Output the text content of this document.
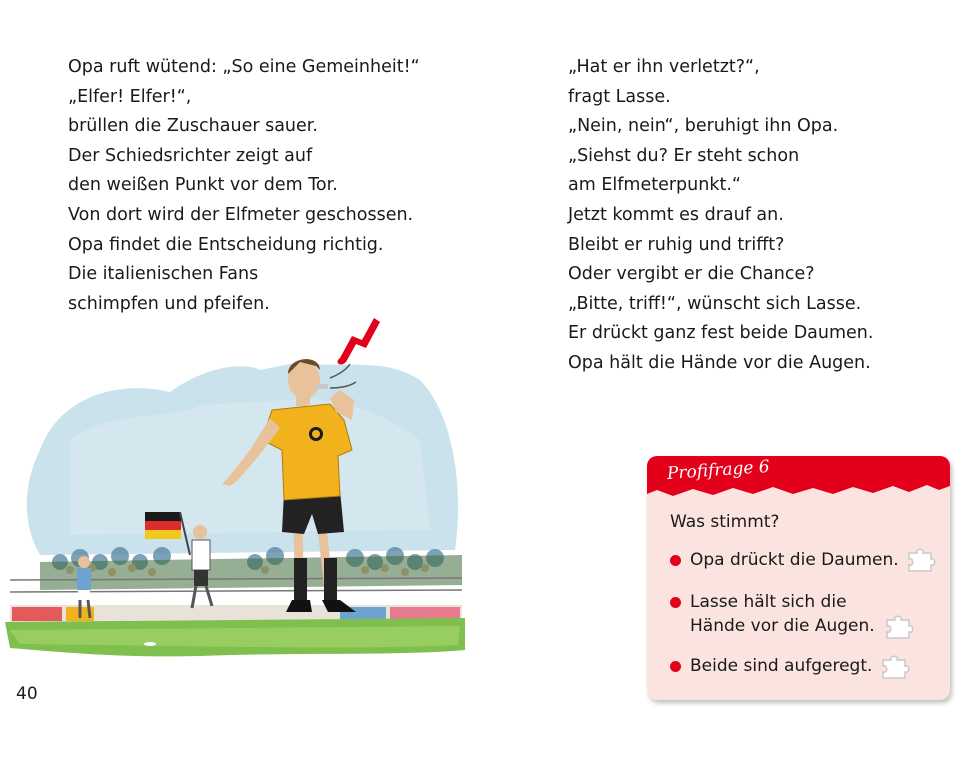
Opa ruft wütend: „So eine Gemeinheit!“
„Elfer! Elfer!“,
brüllen die Zuschauer sauer.
Der Schiedsrichter zeigt auf
den weißen Punkt vor dem Tor.
Von dort wird der Elfmeter geschossen.
Opa findet die Entscheidung richtig.
Die italienischen Fans
schimpfen und pfeifen.
„Hat er ihn verletzt?“,
fragt Lasse.
„Nein, nein“, beruhigt ihn Opa.
„Siehst du? Er steht schon
am Elfmeterpunkt.“
Jetzt kommt es drauf an.
Bleibt er ruhig und trifft?
Oder vergibt er die Chance?
„Bitte, triff!“, wünscht sich Lasse.
Er drückt ganz fest beide Daumen.
Opa hält die Hände vor die Augen.
40
Profifrage 6
Was stimmt?
Opa drückt die Daumen.
Lasse hält sich die
Hände vor die Augen.
Beide sind aufgeregt.
